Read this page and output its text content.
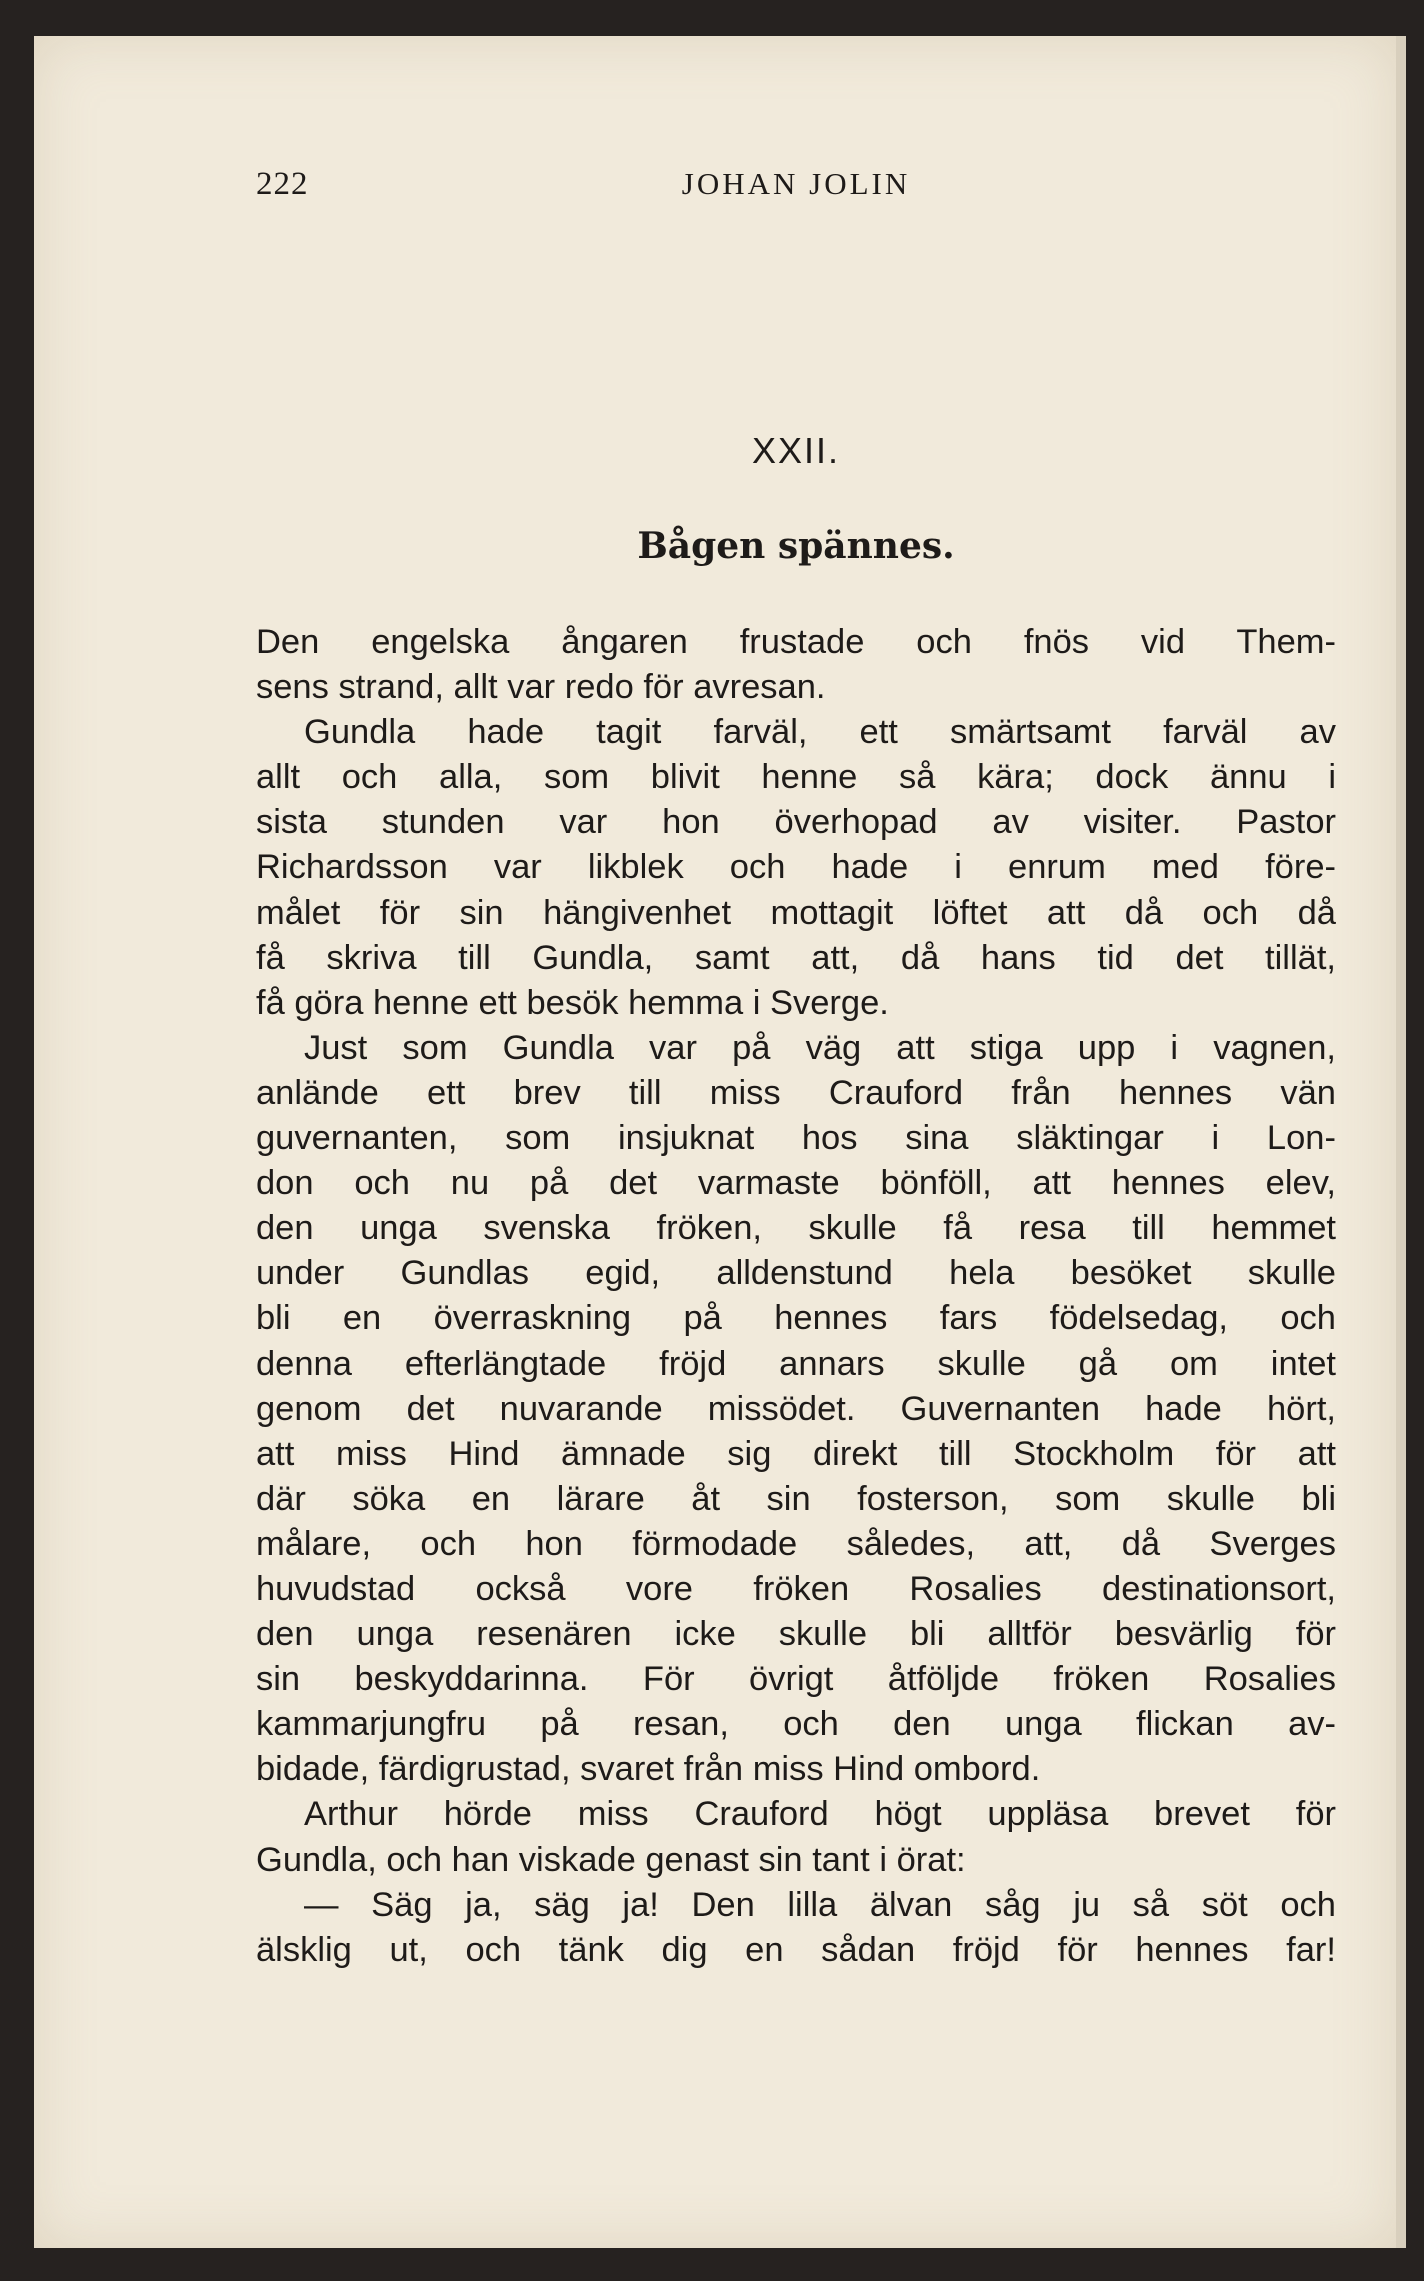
222	JOHAN JOLIN
XXII.
Bågen spännes.
Den engelska ångaren frustade och fnös vid Them-
sens strand, allt var redo för avresan.
Gundla hade tagit farväl, ett smärtsamt farväl av
allt och alla, som blivit henne så kära; dock ännu i
sista stunden var hon överhopad av visiter. Pastor
Richardsson var likblek och hade i enrum med före-
målet för sin hängivenhet mottagit löftet att då och då
få skriva till Gundla, samt att, då hans tid det tillät,
få göra henne ett besök hemma i Sverge.
Just som Gundla var på väg att stiga upp i vagnen,
anlände ett brev till miss Crauford från hennes vän
guvernanten, som insjuknat hos sina släktingar i Lon-
don och nu på det varmaste bönföll, att hennes elev,
den unga svenska fröken, skulle få resa till hemmet
under Gundlas egid, alldenstund hela besöket skulle
bli en överraskning på hennes fars födelsedag, och
denna efterlängtade fröjd annars skulle gå om intet
genom det nuvarande missödet. Guvernanten hade hört,
att miss Hind ämnade sig direkt till Stockholm för att
där söka en lärare åt sin fosterson, som skulle bli
målare, och hon förmodade således, att, då Sverges
huvudstad också vore fröken Rosalies destinationsort,
den unga resenären icke skulle bli alltför besvärlig för
sin beskyddarinna. För övrigt åtföljde fröken Rosalies
kammarjungfru på resan, och den unga flickan av-
bidade, färdigrustad, svaret från miss Hind ombord.
Arthur hörde miss Crauford högt uppläsa brevet för
Gundla, och han viskade genast sin tant i örat:
— Säg ja, säg ja! Den lilla älvan såg ju så söt och
älsklig ut, och tänk dig en sådan fröjd för hennes far!
